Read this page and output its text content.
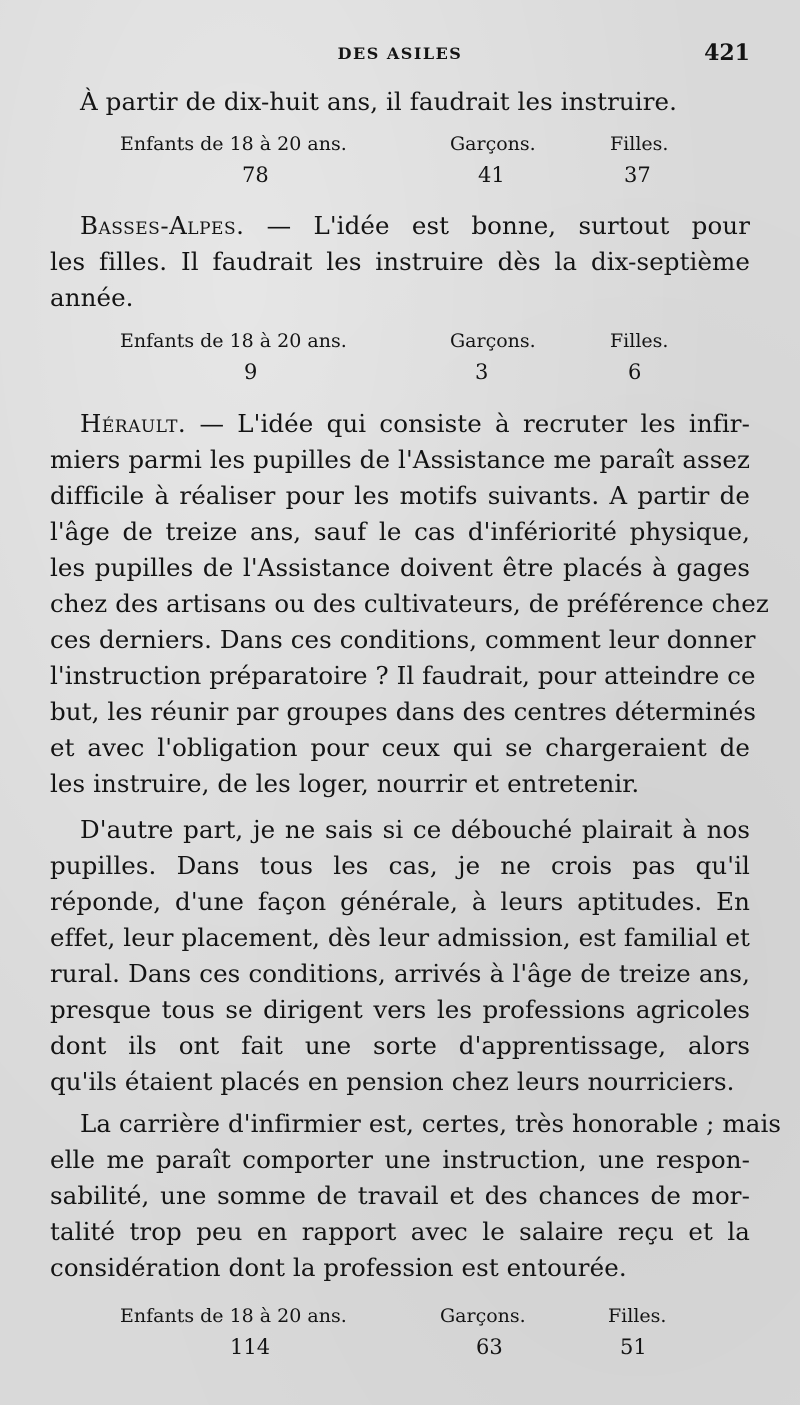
DES ASILES	421
À partir de dix-huit ans, il faudrait les instruire.
Enfants de 18 à 20 ans.	Garçons.	Filles.
78	41	37
Basses-Alpes. — L'idée est bonne, surtout pour
les filles. Il faudrait les instruire dès la dix-septième
année.
Enfants de 18 à 20 ans.	Garçons.	Filles.
9	3	6
Hérault. — L'idée qui consiste à recruter les infir-
miers parmi les pupilles de l'Assistance me paraît assez
difficile à réaliser pour les motifs suivants. A partir de
l'âge de treize ans, sauf le cas d'infériorité physique,
les pupilles de l'Assistance doivent être placés à gages
chez des artisans ou des cultivateurs, de préférence chez
ces derniers. Dans ces conditions, comment leur donner
l'instruction préparatoire ? Il faudrait, pour atteindre ce
but, les réunir par groupes dans des centres déterminés
et avec l'obligation pour ceux qui se chargeraient de
les instruire, de les loger, nourrir et entretenir.
D'autre part, je ne sais si ce débouché plairait à nos
pupilles. Dans tous les cas, je ne crois pas qu'il
réponde, d'une façon générale, à leurs aptitudes. En
effet, leur placement, dès leur admission, est familial et
rural. Dans ces conditions, arrivés à l'âge de treize ans,
presque tous se dirigent vers les professions agricoles
dont ils ont fait une sorte d'apprentissage, alors
qu'ils étaient placés en pension chez leurs nourriciers.
La carrière d'infirmier est, certes, très honorable ; mais
elle me paraît comporter une instruction, une respon-
sabilité, une somme de travail et des chances de mor-
talité trop peu en rapport avec le salaire reçu et la
considération dont la profession est entourée.
Enfants de 18 à 20 ans.	Garçons.	Filles.
114	63	51
